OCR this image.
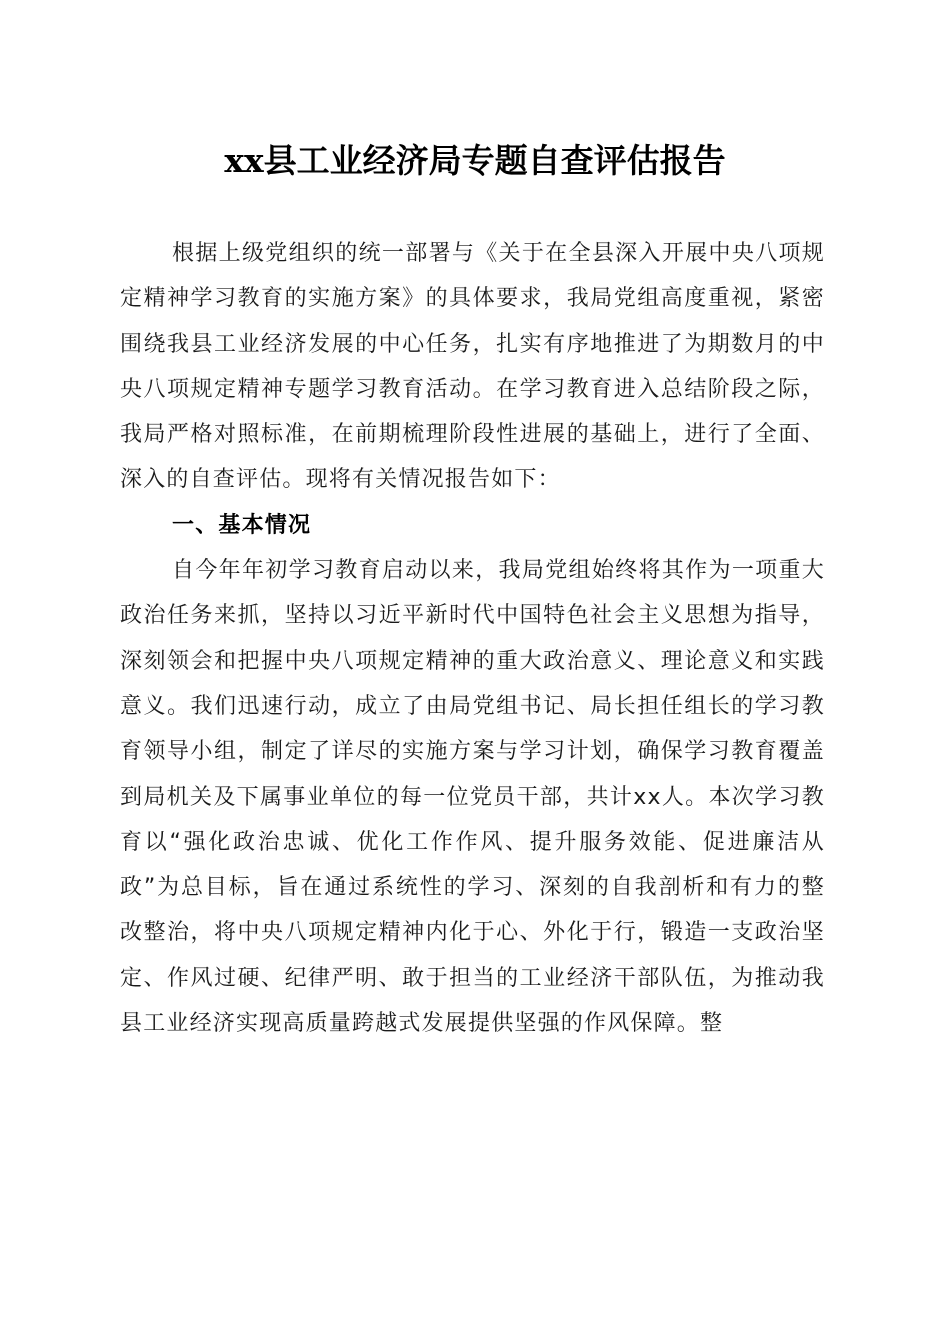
xx县工业经济局专题自查评估报告

根据上级党组织的统一部署与《关于在全县深入开展中央八项规定精神学习教育的实施方案》的具体要求，我局党组高度重视，紧密围绕我县工业经济发展的中心任务，扎实有序地推进了为期数月的中央八项规定精神专题学习教育活动。在学习教育进入总结阶段之际，我局严格对照标准，在前期梳理阶段性进展的基础上，进行了全面、深入的自查评估。现将有关情况报告如下：

一、基本情况

自今年年初学习教育启动以来，我局党组始终将其作为一项重大政治任务来抓，坚持以习近平新时代中国特色社会主义思想为指导，深刻领会和把握中央八项规定精神的重大政治意义、理论意义和实践意义。我们迅速行动，成立了由局党组书记、局长担任组长的学习教育领导小组，制定了详尽的实施方案与学习计划，确保学习教育覆盖到局机关及下属事业单位的每一位党员干部，共计xx人。本次学习教育以“强化政治忠诚、优化工作作风、提升服务效能、促进廉洁从政”为总目标，旨在通过系统性的学习、深刻的自我剖析和有力的整改整治，将中央八项规定精神内化于心、外化于行，锻造一支政治坚定、作风过硬、纪律严明、敢于担当的工业经济干部队伍，为推动我县工业经济实现高质量跨越式发展提供坚强的作风保障。整
